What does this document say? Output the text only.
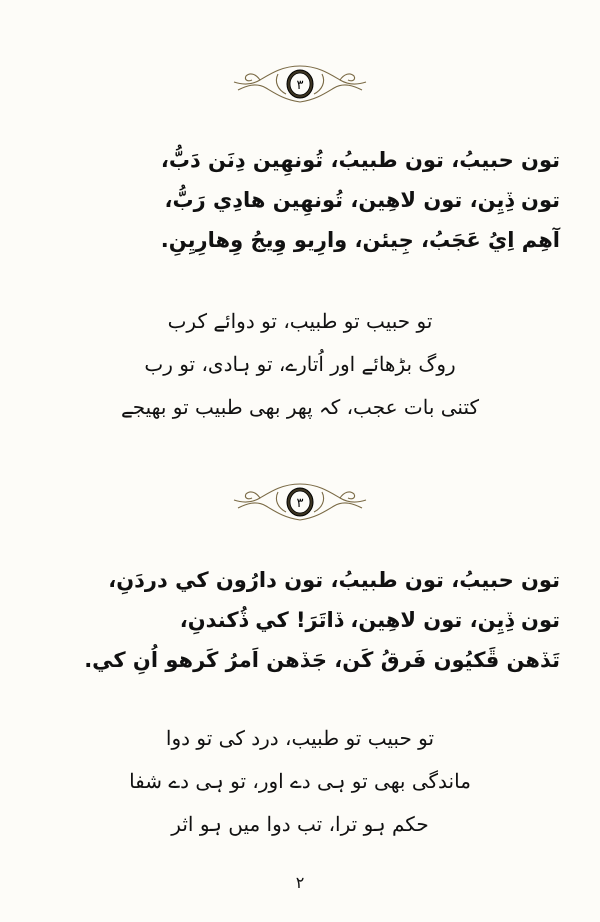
٣
تون حبيبُ، تون طبيبُ، تُونهِين دِنَن دَبُّ،
تون ڏِيِن، تون لاهِين، تُونهِين هادِي رَبُّ،
آهِم اِيُ عَجَبُ، جِيئن، وارِيو وِيجُ وِهارِيِنِ.
تو حبیب تو طبیب، تو دوائے کرب
روگ بڑھائے اور اُتارے، تو ہادی، تو رب
کتنی بات عجب، کہ پھر بھی طبیب تو بھیجے
٣
تون حبيبُ، تون طبيبُ، تون دارُون کي دردَنِ،
تون ڏِيِن، تون لاهِين، ڏاتَرَ! کي ڏُکندنِ،
تَڏهن ڦَکيُون فَرقُ کَن، جَڏهن اَمرُ کَرهو اُنِ کي.
تو حبیب تو طبیب، درد کی تو دوا
ماندگی بھی تو ہی دے اور، تو ہی دے شفا
حکم ہو ترا، تب دوا میں ہو اثر
٢
